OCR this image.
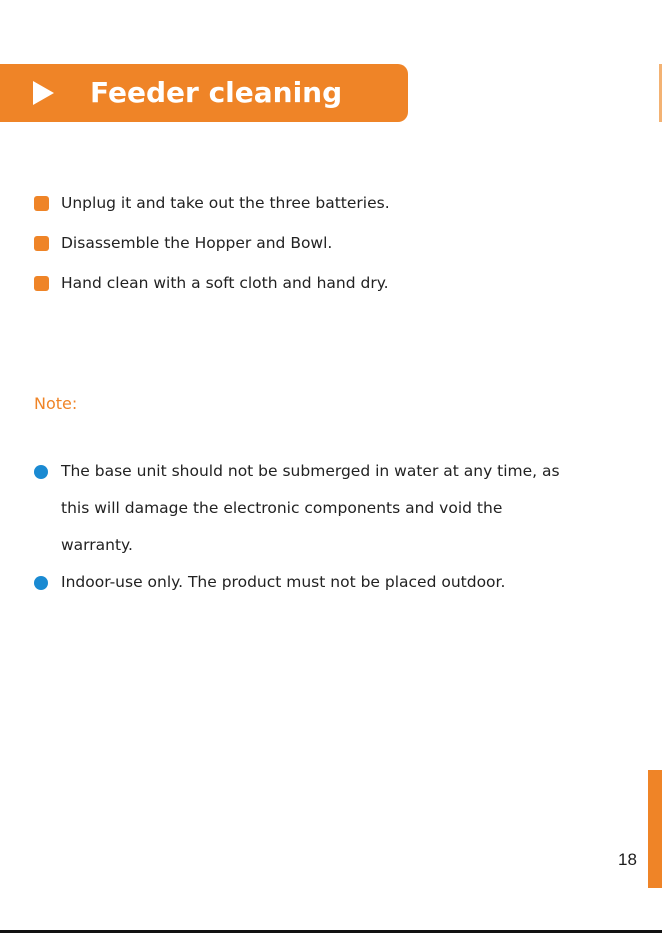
Feeder cleaning
Unplug it and take out the three batteries.
Disassemble the Hopper and Bowl.
Hand clean with a soft cloth and hand dry.
Note:

The base unit should not be submerged in water at any time, as this will damage the electronic components and void the warranty.

Indoor-use only. The product must not be placed outdoor.

18
